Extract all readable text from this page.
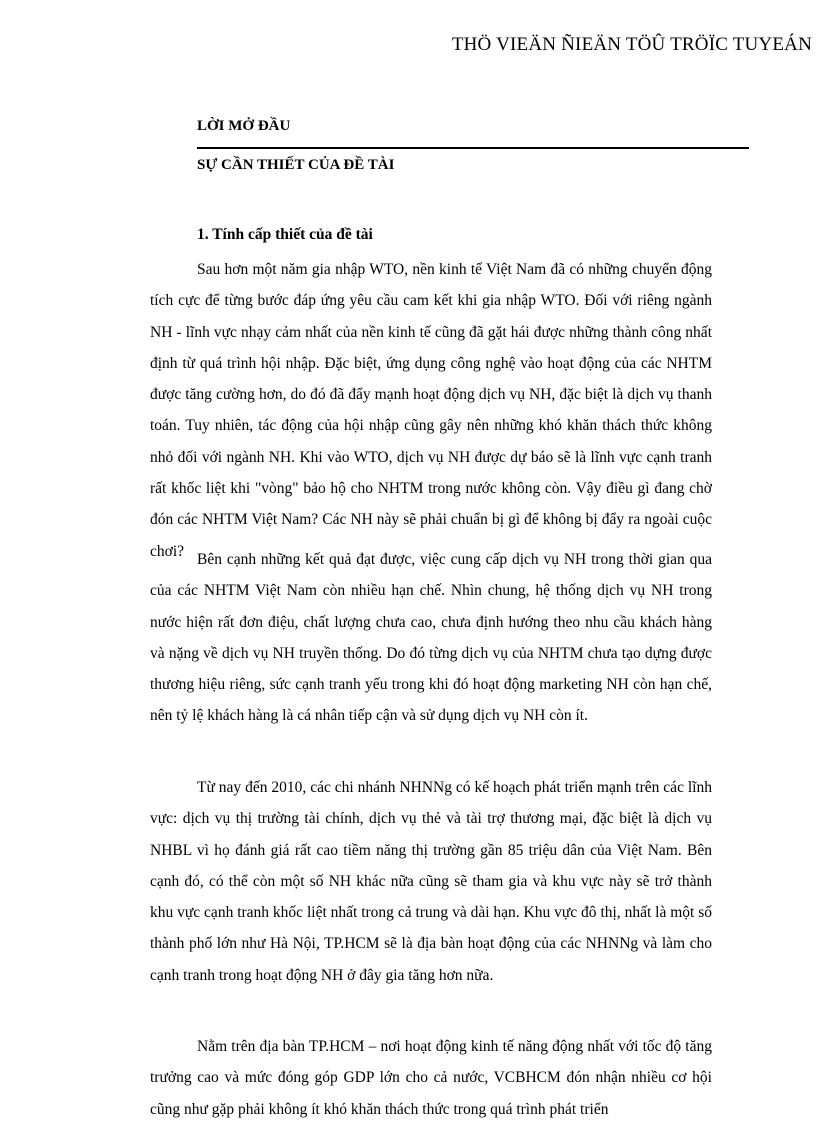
THÖ VIEÄN ÑIEÄN TÖÛ TRÖÏC TUYEÁN
LỜI MỞ ĐẦU
SỰ CẦN THIẾT CỦA ĐỀ TÀI
1. Tính cấp thiết của đề tài

Sau hơn một năm gia nhập WTO, nền kinh tế Việt Nam đã có những chuyển động tích cực để từng bước đáp ứng yêu cầu cam kết khi gia nhập WTO. Đối với riêng ngành NH - lĩnh vực nhạy cảm nhất của nền kinh tế cũng đã gặt hái được những thành công nhất định từ quá trình hội nhập. Đặc biệt, ứng dụng công nghệ vào hoạt động của các NHTM được tăng cường hơn, do đó đã đẩy mạnh hoạt động dịch vụ NH, đặc biệt là dịch vụ thanh toán. Tuy nhiên, tác động của hội nhập cũng gây nên những khó khăn thách thức không nhỏ đối với ngành NH. Khi vào WTO, dịch vụ NH được dự báo sẽ là lĩnh vực cạnh tranh rất khốc liệt khi "vòng" bảo hộ cho NHTM trong nước không còn. Vậy điều gì đang chờ đón các NHTM Việt Nam? Các NH này sẽ phải chuẩn bị gì để không bị đẩy ra ngoài cuộc chơi? Bên cạnh những kết quả đạt được, việc cung cấp dịch vụ NH trong thời gian qua của các NHTM Việt Nam còn nhiều hạn chế. Nhìn chung, hệ thống dịch vụ NH trong nước hiện rất đơn điệu, chất lượng chưa cao, chưa định hướng theo nhu cầu khách hàng và nặng về dịch vụ NH truyền thống. Do đó từng dịch vụ của NHTM chưa tạo dựng được thương hiệu riêng, sức cạnh tranh yếu trong khi đó hoạt động marketing NH còn hạn chế, nên tỷ lệ khách hàng là cá nhân tiếp cận và sử dụng dịch vụ NH còn ít.

Từ nay đến 2010, các chi nhánh NHNNg có kế hoạch phát triển mạnh trên các lĩnh vực: dịch vụ thị trường tài chính, dịch vụ thẻ và tài trợ thương mại, đặc biệt là dịch vụ NHBL vì họ đánh giá rất cao tiềm năng thị trường gần 85 triệu dân của Việt Nam. Bên cạnh đó, có thể còn một số NH khác nữa cũng sẽ tham gia và khu vực này sẽ trở thành khu vực cạnh tranh khốc liệt nhất trong cả trung và dài hạn. Khu vực đô thị, nhất là một số thành phố lớn như Hà Nội, TP.HCM sẽ là địa bàn hoạt động của các NHNNg và làm cho cạnh tranh trong hoạt động NH ở đây gia tăng hơn nữa.

Nằm trên địa bàn TP.HCM – nơi hoạt động kinh tế năng động nhất với tốc độ tăng trưởng cao và mức đóng góp GDP lớn cho cả nước, VCBHCM đón nhận nhiều cơ hội cũng như gặp phải không ít khó khăn thách thức trong quá trình phát triển
